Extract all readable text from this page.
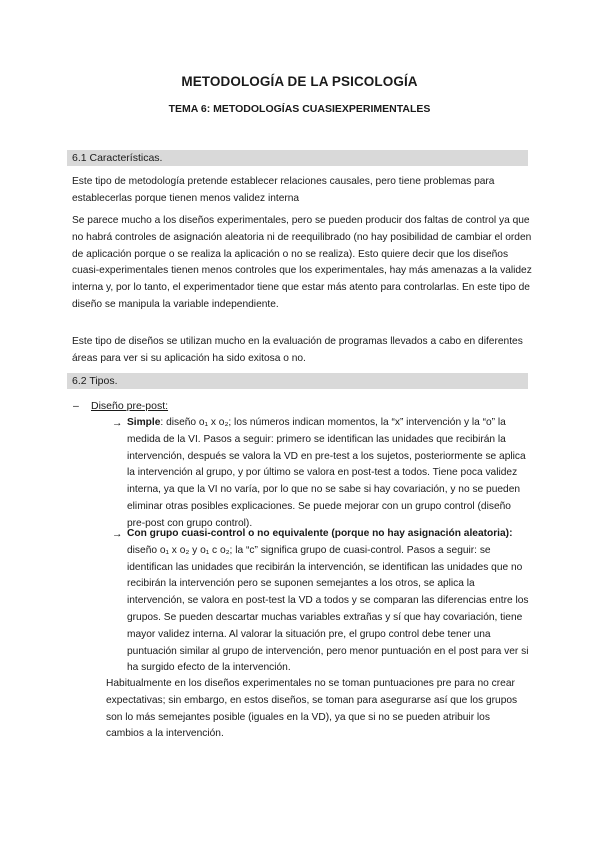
METODOLOGÍA DE LA PSICOLOGÍA
TEMA 6: METODOLOGÍAS CUASIEXPERIMENTALES
6.1 Características.

Este tipo de metodología pretende establecer relaciones causales, pero tiene problemas para establecerlas porque tienen menos validez interna

Se parece mucho a los diseños experimentales, pero se pueden producir dos faltas de control ya que no habrá controles de asignación aleatoria ni de reequilibrado (no hay posibilidad de cambiar el orden de aplicación porque o se realiza la aplicación o no se realiza). Esto quiere decir que los diseños cuasi-experimentales tienen menos controles que los experimentales, hay más amenazas a la validez interna y, por lo tanto, el experimentador tiene que estar más atento para controlarlas. En este tipo de diseño se manipula la variable independiente.

Este tipo de diseños se utilizan mucho en la evaluación de programas llevados a cabo en diferentes áreas para ver si su aplicación ha sido exitosa o no.

6.2 Tipos.
– Diseño pre-post:
→ Simple: diseño o₁ x o₂; los números indican momentos, la “x” intervención y la “o” la medida de la VI. Pasos a seguir: primero se identifican las unidades que recibirán la intervención, después se valora la VD en pre-test a los sujetos, posteriormente se aplica la intervención al grupo, y por último se valora en post-test a todos. Tiene poca validez interna, ya que la VI no varía, por lo que no se sabe si hay covariación, y no se pueden eliminar otras posibles explicaciones. Se puede mejorar con un grupo control (diseño pre-post con grupo control).

→ Con grupo cuasi-control o no equivalente (porque no hay asignación aleatoria): diseño o₁ x o₂ y o₁ c o₂; la “c” significa grupo de cuasi-control. Pasos a seguir: se identifican las unidades que recibirán la intervención, se identifican las unidades que no recibirán la intervención pero se suponen semejantes a los otros, se aplica la intervención, se valora en post-test la VD a todos y se comparan las diferencias entre los grupos. Se pueden descartar muchas variables extrañas y sí que hay covariación, tiene mayor validez interna. Al valorar la situación pre, el grupo control debe tener una puntuación similar al grupo de intervención, pero menor puntuación en el post para ver si ha surgido efecto de la intervención.

Habitualmente en los diseños experimentales no se toman puntuaciones pre para no crear expectativas; sin embargo, en estos diseños, se toman para asegurarse así que los grupos son lo más semejantes posible (iguales en la VD), ya que si no se pueden atribuir los cambios a la intervención.
